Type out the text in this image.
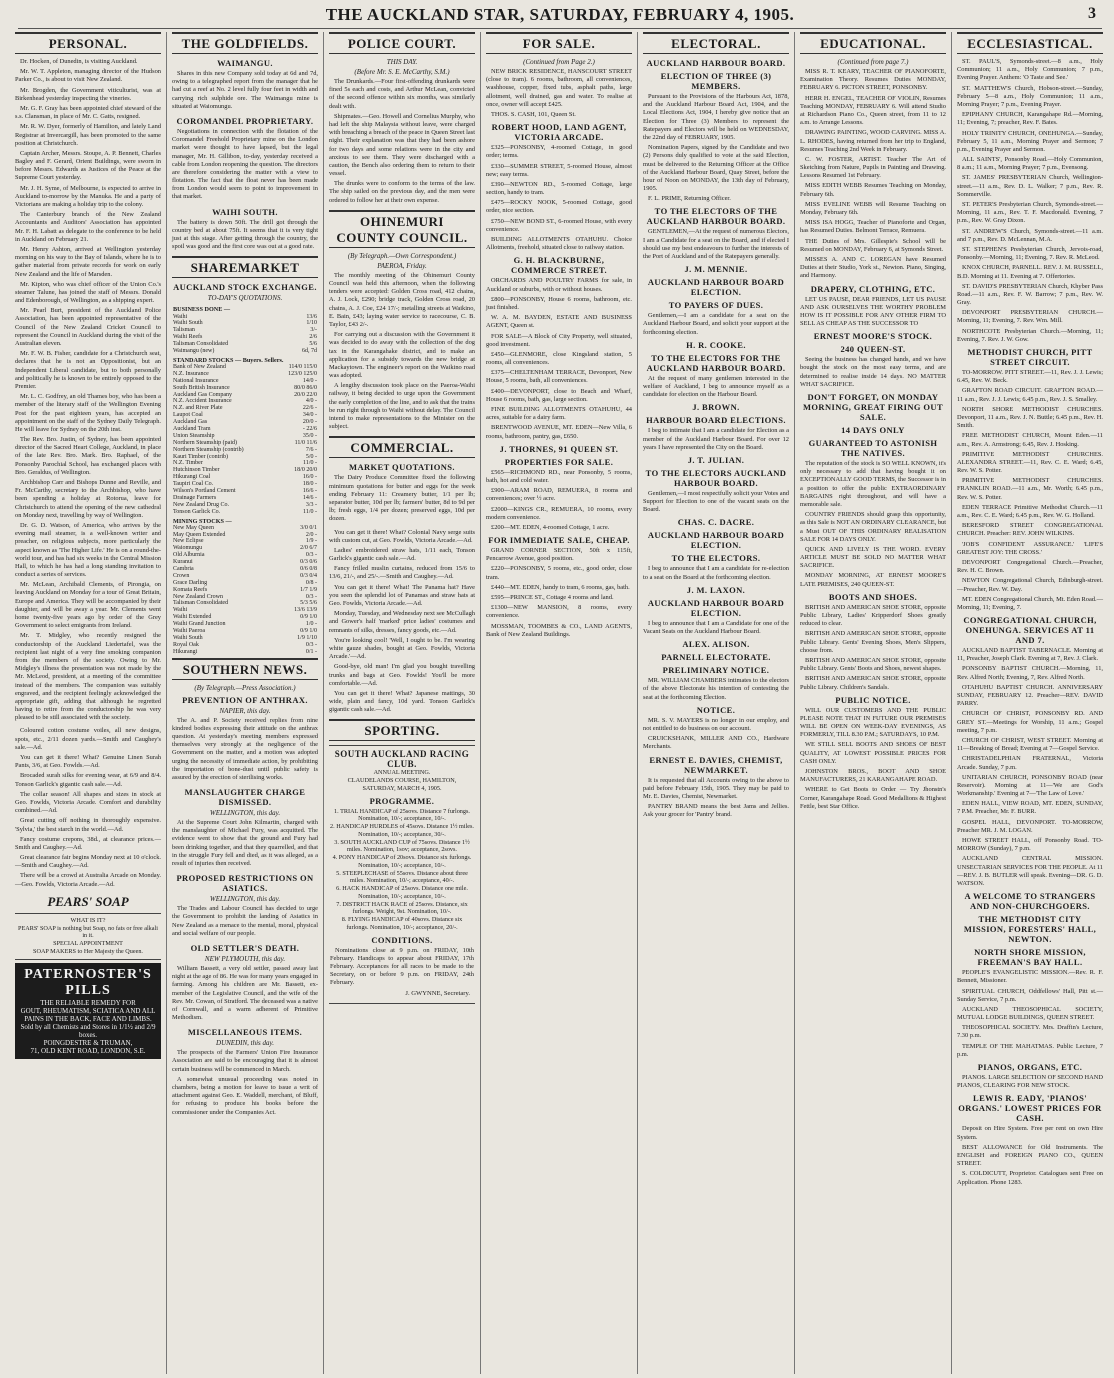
THE AUCKLAND STAR, SATURDAY, FEBRUARY 4, 1905.	3
PERSONAL.
Dr. Hocken, of Dunedin, is visiting Auckland.
Mr. W. T. Appleton, managing director of the Hudson Parker Co., is about to visit New Zealand.
Mr. Brogden, the Government viticulturist, was at Birkenhead yesterday inspecting the vineries.
Mr. G. F. Gray has been appointed chief steward of the s.s. Clansman, in place of Mr. C. Gatts, resigned.
Mr. R. W. Dyer, formerly of Hamilton, and lately Land Registrar at Invercargill, has been promoted to the same position at Christchurch.
Captain Archer, Messrs. Stoupe, A. P. Bennett, Charles Bagley and F. Gerard, Orient Buildings, were sworn in before Messrs. Edwards as Justices of the Peace at the Supreme Court yesterday.
Mr. J. H. Syme, of Melbourne, is expected to arrive in Auckland to-morrow by the Manuka. He and a party of Victorians are making a holiday trip to the colony.
The Canterbury branch of the New Zealand Accountants and Auditors' Association has appointed Mr. F. H. Labatt as delegate to the conference to be held in Auckland on February 21.
Mr. Henry Ashton, arrived at Wellington yesterday morning on his way to the Bay of Islands, where he is to gather material from private records for work on early New Zealand and the life of Marsden.
Mr. Kipton, who was chief officer of the Union Co.'s steamer Talune, has joined the staff of Messrs. Donald and Edenborough, of Wellington, as a shipping expert.
Mr. Pearl Burt, president of the Auckland Police Association, has been appointed representative of the Council of the New Zealand Cricket Council to represent the Council in Auckland during the visit of the Australian eleven.
Mr. F. W. B. Fisher, candidate for a Christchurch seat, declares that he is not an Oppositionist, but an Independent Liberal candidate, but to both personally and politically he is known to be entirely opposed to the Premier.
Mr. L. C. Godfrey, an old Thames boy, who has been a member of the literary staff of the Wellington Evening Post for the past eighteen years, has accepted an appointment on the staff of the Sydney Daily Telegraph. He will leave for Sydney on the 20th inst.
The Rev. Bro. Justin, of Sydney, has been appointed director of the Sacred Heart College, Auckland, in place of the late Rev. Bro. Mark. Bro. Raphael, of the Ponsonby Parochial School, has exchanged places with Bro. Geraldus, of Wellington.
Archbishop Carr and Bishops Dunne and Reville, and Fr. McCarthy, secretary to the Archbishop, who have been spending a holiday at Rotorua, leave for Christchurch to attend the opening of the new cathedral on Monday next, travelling by way of Wellington.
Dr. G. D. Watson, of America, who arrives by the evening mail steamer, is a well-known writer and preacher, on religious subjects, more particularly the aspect known as 'The Higher Life.' He is on a round-the-world tour, and has had six weeks in the Central Mission Hall, to which he has had a long standing invitation to conduct a series of services.
Mr. McLean, Archibald Clements, of Pirongia, on leaving Auckland on Monday for a tour of Great Britain, Europe and America. They will be accompanied by their daughter, and will be away a year. Mr. Clements went home twenty-five years ago by order of the Grey Government to select emigrants from Ireland.
Mr. T. Midgley, who recently resigned the conductorship of the Auckland Liedertafel, was the recipient last night of a very fine smoking companion from the members of the society. Owing to Mr. Midgley's illness the presentation was not made by the Mr. McLeod, president, at a meeting of the committee instead of the members. The companion was suitably engraved, and the recipient feelingly acknowledged the appropriate gift, adding that although he regretted having to retire from the conductorship he was very pleased to be still associated with the society.
Coloured cotton costume voiles, all new designs, spots, etc., 2/11 dozen yards.—Smith and Caughey's sale.—Ad.
You can get it there! What? Genuine Linen Surah Pants, 3/6, at Geo. Fowlds.—Ad.
Brocaded surah silks for evening wear, at 6/9 and 8/4. Tonson Garlick's gigantic cash sale.—Ad.
The collar season! All shapes and sizes in stock at Geo. Fowlds, Victoria Arcade. Comfort and durability combined.—Ad.
Great cutting off nothing in thoroughly expensive. 'Sylvia,' the best starch in the world.—Ad.
Fancy costume crepons, 38d., at clearance prices.—Smith and Caughey.—Ad.
Great clearance fair begins Monday next at 10 o'clock.—Smith and Caughey.—Ad.
There will be a crowd at Australia Arcade on Monday.—Geo. Fowlds, Victoria Arcade.—Ad.
PEARS' SOAP
WHAT IS IT?
PEARS' SOAP is nothing but Soap, no fats or free alkali in it.
SPECIAL APPOINTMENT
SOAP MAKERS to Her Majesty the Queen.
PATERNOSTER'S PILLS
THE RELIABLE REMEDY FOR
GOUT, RHEUMATISM, SCIATICA AND ALL PAINS IN THE BACK, FACE AND LIMBS. Sold by all Chemists and Stores in 1/1½ and 2/9 boxes.
POINGDESTRE & TRUMAN,
71, OLD KENT ROAD, LONDON, S.E.
THE GOLDFIELDS.
WAIMANGU.
Shares in this new Company sold today at 6d and 7d, owing to a telegraphed report from the manager that he had cut a reef at No. 2 level fully four feet in width and carrying rich sulphide ore. The Waimangu mine is situated at Waiomungu.
COROMANDEL PROPRIETARY.
Negotiations in connection with the flotation of the Coromandel Freehold Proprietary mine on the London market were thought to have lapsed, but the legal manager, Mr. H. Gillibon, to-day, yesterday received a cable from London reopening the question. The directors are therefore considering the matter with a view to flotation. The fact that the float never has been made from London would seem to point to improvement in that market.
WAIHI SOUTH.
The battery is down 50ft. The drill got through the country bed at about 75ft. It seems that it is very tight just at this stage. After getting through the country, the spoil was good and the first core was out at a good rate.
SHAREMARKET
AUCKLAND STOCK EXCHANGE.
TO-DAY'S QUOTATIONS.
BUSINESS DONE —	
Waihi	13/6
Waihi South	1/10
Talisman	3/-
Waihi Reefs	2/6
Talisman Consolidated	5/6
Waimangu (new)	6d, 7d
STANDARD STOCKS — Buyers. Sellers.	
Bank of New Zealand	114/0 115/0
N.Z. Insurance	123/0 125/0
National Insurance	14/0 -
South British Insurance	80/0 86/0
Auckland Gas Company	20/0 22/0
N.Z. Accident Insurance	4/0 -
N.Z. and River Plate	22/6 -
Laupot Coal	34/0 -
Auckland Gas	20/0 -
Auckland Tram	- 22/6
Union Steamship	35/0 -
Northern Steamship (paid)	11/0 11/6
Northern Steamship (contrib)	7/6 -
Kauri Timber (contrib)	5/0 -
N.Z. Timber	11/0 -
Hutchinson Timber	18/0 20/0
Hikurangi Coal	16/0 -
Taupiri Coal Co.	18/0 -
Wilson's Portland Cement	16/6 -
Drainage Farmers	14/6 -
New Zealand Drug Co.	3/3 -
Tonson Garlick Co.	11/0 -
MINING STOCKS —	
New May Queen	3/0 0/1
May Queen Extended	2/0 -
New Eclipse	1/9 -
Waiomungu	2/0 6/7
Old Alburnia	0/3 -
Kuranui	0/3 0/6
Cambria	0/6 0/8
Crown	0/3 0/4
Grace Darling	0/8 -
Komata Reefs	1/7 1/9
New Zealand Crown	0/3 -
Talisman Consolidated	5/3 5/6
Waihi	13/6 13/9
Waihi Extended	0/9 1/0
Waihi Grand Junction	1/0 -
Waihi Paeroa	0/9 1/0
Waihi South	1/9 1/10
Royal Oak	0/3 -
Hikurangi	0/1 -
SOUTHERN NEWS.
(By Telegraph.—Press Association.)
PREVENTION OF ANTHRAX.
NAPIER, this day.
The A. and P. Society received replies from nine kindred bodies expressing their attitude on the anthrax question. At yesterday's meeting members expressed themselves very strongly at the negligence of the Government on the matter, and a motion was adopted urging the necessity of immediate action, by prohibiting the importation of bone-dust until public safety is assured by the erection of sterilising works.
MANSLAUGHTER CHARGE DISMISSED.
WELLINGTON, this day.
At the Supreme Court John Kilmartin, charged with the manslaughter of Michael Fury, was acquitted. The evidence went to show that the ground and Fury had been drinking together, and that they quarrelled, and that in the struggle Fury fell and died, as it was alleged, as a result of injuries then received.
PROPOSED RESTRICTIONS ON ASIATICS.
WELLINGTON, this day.
The Trades and Labour Council has decided to urge the Government to prohibit the landing of Asiatics in New Zealand as a menace to the mental, moral, physical and social welfare of our people.
OLD SETTLER'S DEATH.
NEW PLYMOUTH, this day.
William Bassett, a very old settler, passed away last night at the age of 86. He was for many years engaged in farming. Among his children are Mr. Bassett, ex-member of the Legislative Council, and the wife of the Rev. Mr. Cowan, of Stratford. The deceased was a native of Cornwall, and a warm adherent of Primitive Methodism.
MISCELLANEOUS ITEMS.
DUNEDIN, this day.
The prospects of the Farmers' Union Fire Insurance Association are said to be encouraging that it is almost certain business will be commenced in March.
A somewhat unusual proceeding was noted in chambers, being a motion for leave to issue a writ of attachment against Geo. E. Waddell, merchant, of Bluff, for refusing to produce his books before the commissioner under the Companies Act.
POLICE COURT.
THIS DAY.
(Before Mr. S. E. McCarthy, S.M.)
The Drunkards.—Four first-offending drunkards were fined 5s each and costs, and Arthur McLean, convicted of the second offence within six months, was similarly dealt with.
Shipmates.—Geo. Howell and Cornelius Murphy, who had left the ship Malaysia without leave, were charged with breaching a breach of the peace in Queen Street last night. Their explanation was that they had been ashore for two days and some relations were in the city and anxious to see them. They were discharged with a caution, the Bench also ordering them to return to their vessel.
The drunks were to conform to the terms of the law. The ship sailed on the previous day, and the men were ordered to follow her at their own expense.
OHINEMURI COUNTY COUNCIL.
(By Telegraph.—Own Correspondent.)
PAEROA, Friday.
The monthly meeting of the Ohinemuri County Council was held this afternoon, when the following tenders were accepted: Golden Cross road, 412 chains, A. J. Lock, £290; bridge track, Golden Cross road, 20 chains, A. J. Coe, £24 17/-; metalling streets at Waikino, E. Bain, £43; laying water service to racecourse, C. B. Taylor, £43 2/-.
For carrying out a discussion with the Government it was decided to do away with the collection of the dog tax in the Karangahake district, and to make an application for a subsidy towards the new bridge at Mackaytown. The engineer's report on the Waikino road was adopted.
A lengthy discussion took place on the Paeroa-Waihi railway, it being decided to urge upon the Government the early completion of the line, and to ask that the trains be run right through to Waihi without delay. The Council intend to make representations to the Minister on the subject.
COMMERCIAL.
MARKET QUOTATIONS.
The Dairy Produce Committee fixed the following minimum quotations for butter and eggs for the week ending February 11: Creamery butter, 1/1 per lb; separator butter, 10d per lb; farmers' butter, 8d to 9d per lb; fresh eggs, 1/4 per dozen; preserved eggs, 10d per dozen.
You can get it there! What? Colonial Navy serge suits with custom cut, at Geo. Fowlds, Victoria Arcade.—Ad.
Ladies' embroidered straw hats, 1/11 each, Tonson Garlick's gigantic cash sale.—Ad.
Fancy frilled muslin curtains, reduced from 15/6 to 13/6, 21/-, and 25/-.—Smith and Caughey.—Ad.
You can get it there! What! The Panama hat? Have you seen the splendid lot of Panamas and straw hats at Geo. Fowlds, Victoria Arcade.—Ad.
Monday, Tuesday, and Wednesday next see McCullagh and Gower's half 'marked' price ladies' costumes and remnants of silks, dresses, fancy goods, etc.—Ad.
You're looking cool! 'Well, I ought to be. I'm wearing white gauze shades, bought at Geo. Fowlds, Victoria Arcade.'—Ad.
Good-bye, old man! I'm glad you bought travelling trunks and bags at Geo. Fowlds! You'll be more comfortable.—Ad.
You can get it there! What? Japanese mattings, 30 wide, plain and fancy, 10d yard. Tonson Garlick's gigantic cash sale.—Ad.
SPORTING.
SOUTH AUCKLAND RACING CLUB.
ANNUAL MEETING.
CLAUDELANDS COURSE, HAMILTON,
SATURDAY, MARCH 4, 1905.
PROGRAMME.
1. TRIAL HANDICAP of 25sovs. Distance 7 furlongs. Nomination, 10/-; acceptance, 10/-.
2. HANDICAP HURDLES of 45sovs. Distance 1½ miles. Nomination, 10/-; acceptance, 30/-.
3. SOUTH AUCKLAND CUP of 75sovs. Distance 1½ miles. Nomination, 1sov; acceptance, 2sovs.
4. PONY HANDICAP of 20sovs. Distance six furlongs. Nomination, 10/-; acceptance, 10/-.
5. STEEPLECHASE of 55sovs. Distance about three miles. Nomination, 10/-; acceptance, 40/-.
6. HACK HANDICAP of 25sovs. Distance one mile. Nomination, 10/-; acceptance, 10/-.
7. DISTRICT HACK RACE of 25sovs. Distance, six furlongs. Weight, 9st. Nomination, 10/-.
8. FLYING HANDICAP of 40sovs. Distance six furlongs. Nomination, 10/-; acceptance, 20/-.
CONDITIONS.
Nominations close at 9 p.m. on FRIDAY, 10th February. Handicaps to appear about FRIDAY, 17th February. Acceptances for all races to be made to the Secretary, on or before 9 p.m. on FRIDAY, 24th February.
J. GWYNNE, Secretary.
FOR SALE.
(Continued from Page 2.)
NEW BRICK RESIDENCE, HANSCOURT STREET (close to tram). 6 rooms, bathroom, all conveniences, washhouse, copper, fixed tubs, asphalt paths, large allotment, well drained, gas and water. To realise at once, owner will accept £425.
THOS. S. CASH, 101, Queen St.
ROBERT HOOD, LAND AGENT, VICTORIA ARCADE.
£325—PONSONBY, 4-roomed Cottage, in good order; terms.
£330—SUMMER STREET, 5-roomed House, almost new; easy terms.
£390—NEWTON RD., 5-roomed Cottage, large section, handy to tram.
£475—ROCKY NOOK, 5-roomed Cottage, good order, nice section.
£750—NEW BOND ST., 6-roomed House, with every convenience.
BUILDING ALLOTMENTS OTAHUHU. Choice Allotments, freehold, situated close to railway station.
G. H. BLACKBURNE, COMMERCE STREET.
ORCHARDS AND POULTRY FARMS for sale, in Auckland or suburbs, with or without houses.
£800—PONSONBY, House 6 rooms, bathroom, etc. just finished.
W. A. M. BAYDEN, ESTATE AND BUSINESS AGENT, Queen st.
FOR SALE—A Block of City Property, well situated, good investment.
£450—GLENMORE, close Kingsland station, 5 rooms, all conveniences.
£375—CHELTENHAM TERRACE, Devonport, New House, 5 rooms, bath, all conveniences.
£400—DEVONPORT, close to Beach and Wharf, House 6 rooms, bath, gas, large section.
FINE BUILDING ALLOTMENTS OTAHUHU, 44 acres, suitable for a dairy farm.
BRENTWOOD AVENUE, MT. EDEN—New Villa, 6 rooms, bathroom, pantry, gas, £650.
J. THORNES, 91 QUEEN ST.
PROPERTIES FOR SALE.
£565—RICHMOND RD., near Ponsonby, 5 rooms, bath, hot and cold water.
£900—ARAM ROAD, REMUERA, 8 rooms and conveniences; over ½ acre.
£2000—KINGS CR., REMUERA, 10 rooms, every modern convenience.
£200—MT. EDEN, 4-roomed Cottage, 1 acre.
FOR IMMEDIATE SALE, CHEAP.
GRAND CORNER SECTION, 50ft x 115ft, Pencarrow Avenue, good position.
£220—PONSONBY, 5 rooms, etc., good order, close tram.
£440—MT. EDEN, handy to tram, 6 rooms, gas, bath.
£595—PRINCE ST., Cottage 4 rooms and land.
£1300—NEW MANSION, 8 rooms, every convenience.
MOSSMAN, TOOMBES & CO., LAND AGENTS, Bank of New Zealand Buildings.
ELECTORAL.
AUCKLAND HARBOUR BOARD.
ELECTION OF THREE (3) MEMBERS.
Pursuant to the Provisions of the Harbours Act, 1878, and the Auckland Harbour Board Act, 1904, and the Local Elections Act, 1904, I hereby give notice that an Election for Three (3) Members to represent the Ratepayers and Electors will be held on WEDNESDAY, the 22nd day of FEBRUARY, 1905.
Nomination Papers, signed by the Candidate and two (2) Persons duly qualified to vote at the said Election, must be delivered to the Returning Officer at the Office of the Auckland Harbour Board, Quay Street, before the hour of Noon on MONDAY, the 13th day of February, 1905.
F. L. PRIME, Returning Officer.
TO THE ELECTORS OF THE AUCKLAND HARBOUR BOARD.
GENTLEMEN,—At the request of numerous Electors, I am a Candidate for a seat on the Board, and if elected I should use my best endeavours to further the interests of the Port of Auckland and of the Ratepayers generally.
J. M. MENNIE.
AUCKLAND HARBOUR BOARD ELECTION.
TO PAYERS OF DUES.
Gentlemen,—I am a candidate for a seat on the Auckland Harbour Board, and solicit your support at the forthcoming election.
H. R. COOKE.
TO THE ELECTORS FOR THE AUCKLAND HARBOUR BOARD.
At the request of many gentlemen interested in the welfare of Auckland, I beg to announce myself as a candidate for election on the Harbour Board.
J. BROWN.
HARBOUR BOARD ELECTIONS.
I beg to intimate that I am a candidate for Election as a member of the Auckland Harbour Board. For over 12 years I have represented the City on the Board.
J. T. JULIAN.
TO THE ELECTORS AUCKLAND HARBOUR BOARD.
Gentlemen,—I most respectfully solicit your Votes and Support for Election to one of the vacant seats on the Board.
CHAS. C. DACRE.
AUCKLAND HARBOUR BOARD ELECTION.
TO THE ELECTORS.
I beg to announce that I am a candidate for re-election to a seat on the Board at the forthcoming election.
J. M. LAXON.
AUCKLAND HARBOUR BOARD ELECTION.
I beg to announce that I am a Candidate for one of the Vacant Seats on the Auckland Harbour Board.
ALEX. ALISON.
PARNELL ELECTORATE.
PRELIMINARY NOTICE.
MR. WILLIAM CHAMBERS intimates to the electors of the above Electorate his intention of contesting the seat at the forthcoming Election.
NOTICE.
MR. S. V. MAYERS is no longer in our employ, and not entitled to do business on our account.
CRUICKSHANK, MILLER AND CO., Hardware Merchants.
ERNEST E. DAVIES, CHEMIST, NEWMARKET.
It is requested that all Accounts owing to the above to paid before February 15th, 1905. They may be paid to Mr. E. Davies, Chemist, Newmarket.
PANTRY BRAND means the best Jams and Jellies. Ask your grocer for 'Pantry' brand.
EDUCATIONAL.
(Continued from page 7.)
MISS R. T. KEARY, TEACHER OF PIANOFORTE, Examination Theory. Resumes Duties MONDAY, FEBRUARY 6. PICTON STREET, PONSONBY.
HERR H. ENGEL, TEACHER OF VIOLIN, Resumes Teaching MONDAY, FEBRUARY 6. Will attend Studio at Richardson Piano Co., Queen street, from 11 to 12 a.m. to Arrange Lessons.
DRAWING PAINTING, WOOD CARVING. MISS A. L. RHODES, having returned from her trip to England, Resumes Teaching 2nd Week in February.
C. W. FOSTER, ARTIST. Teacher The Art of Sketching from Nature, Pupils in Painting and Drawing. Lessons Resumed 1st February.
MISS EDITH WEBB Resumes Teaching on Monday, February 6th.
MISS EVELINE WEBB will Resume Teaching on Monday, February 6th.
MISS ISA HOGG, Teacher of Pianoforte and Organ, has Resumed Duties. Belmont Terrace, Remuera.
THE Duties of Mrs. Gillespie's School will be Resumed on MONDAY, February 6, at Symonds Street.
MISSES A. AND C. LOREGAN have Resumed Duties at their Studio, York st., Newton. Piano, Singing, and Harmony.
DRAPERY, CLOTHING, ETC.
LET US PAUSE, DEAR FRIENDS, LET US PAUSE AND ASK OURSELVES THE WORTHY PROBLEM HOW IS IT POSSIBLE FOR ANY OTHER FIRM TO SELL AS CHEAP AS THE SUCCESSOR TO
ERNEST MOORE'S STOCK.
240 QUEEN-ST.
Seeing the business has changed hands, and we have bought the stock on the most easy terms, and are determined to realise inside 14 days. NO MATTER WHAT SACRIFICE.
DON'T FORGET, ON MONDAY MORNING, GREAT FIRING OUT SALE.
14 DAYS ONLY
GUARANTEED TO ASTONISH THE NATIVES.
The reputation of the stock is SO WELL KNOWN, it's only necessary to add that having bought it on EXCEPTIONALLY GOOD TERMS, the Successor is in a position to offer the public EXTRAORDINARY BARGAINS right throughout, and will have a memorable sale.
COUNTRY FRIENDS should grasp this opportunity, as this Sale is NOT AN ORDINARY CLEARANCE, but a Must OUT OF THIS ORDINARY REALISATION SALE FOR 14 DAYS ONLY.
QUICK AND LIVELY IS THE WORD. EVERY ARTICLE MUST BE SOLD NO MATTER WHAT SACRIFICE.
MONDAY MORNING, AT ERNEST MOORE'S LATE PREMISES, 240 QUEEN-ST.
BOOTS AND SHOES.
BRITISH AND AMERICAN SHOE STORE, opposite Public Library, Ladies' Kripperdorf Shoes greatly reduced to clear.
BRITISH AND AMERICAN SHOE STORE, opposite Public Library. Gents' Evening Shoes, Men's Slippers, choose from.
BRITISH AND AMERICAN SHOE STORE, opposite Public Library. Gents' Boots and Shoes, newest shapes.
BRITISH AND AMERICAN SHOE STORE, opposite Public Library. Children's Sandals.
PUBLIC NOTICE.
WILL OUR CUSTOMERS AND THE PUBLIC PLEASE NOTE THAT IN FUTURE OUR PREMISES WILL BE OPEN ON WEEK-DAY EVENINGS, AS FORMERLY, TILL 8.30 P.M.; SATURDAYS, 10 P.M.
WE STILL SELL BOOTS AND SHOES OF BEST QUALITY, AT LOWEST POSSIBLE PRICES FOR CASH ONLY.
JOHNSTON BROS., BOOT AND SHOE MANUFACTURERS, 21 KARANGAHAPE ROAD.
WHERE to Get Boots to Order — Try Jhonstn's Corner, Karangahape Road. Good Medallions & Highest Fettle, best Star Office.
ECCLESIASTICAL.
ST. PAUL'S, Symonds-street.—8 a.m., Holy Communion; 11 a.m., Holy Communion; 7 p.m., Evening Prayer. Anthem: 'O Taste and See.'
ST. MATTHEW'S Church, Hobson-street.—Sunday, February 5—8 a.m., Holy Communion; 11 a.m., Morning Prayer; 7 p.m., Evening Prayer.
EPIPHANY CHURCH, Karangahape Rd.—Morning, 11; Evening, 7; preacher, Rev. F. Bates.
HOLY TRINITY CHURCH, ONEHUNGA.—Sunday, February 5, 11 a.m., Morning Prayer and Sermon; 7 p.m., Evening Prayer and Sermon.
ALL SAINTS', Ponsonby Road.—Holy Communion, 8 a.m.; 11 a.m., Morning Prayer; 7 p.m., Evensong.
ST. JAMES' PRESBYTERIAN Church, Wellington-street.—11 a.m., Rev. D. L. Walker; 7 p.m., Rev. R. Sommerville.
ST. PETER'S Presbyterian Church, Symonds-street.—Morning, 11 a.m., Rev. T. F. Macdonald. Evening, 7 p.m., Rev. W. Gray Dixon.
ST. ANDREW'S Church, Symonds-street.—11 a.m. and 7 p.m., Rev. D. McLennan, M.A.
ST. STEPHEN'S Presbyterian Church, Jervois-road, Ponsonby.—Morning, 11; Evening, 7. Rev. R. McLeod.
KNOX CHURCH, PARNELL. REV. J. M. RUSSELL, B.D. Morning at 11. Evening at 7. Offertories.
ST. DAVID'S PRESBYTERIAN Church, Khyber Pass Road.—11 a.m., Rev. F. W. Barrow; 7 p.m., Rev. W. Gray.
DEVONPORT PRESBYTERIAN CHURCH.—Morning, 11; Evening, 7. Rev. Wm. Mill.
NORTHCOTE Presbyterian Church.—Morning, 11; Evening, 7. Rev. J. W. Gow.
METHODIST CHURCH, PITT STREET CIRCUIT.
TO-MORROW. PITT STREET.—11, Rev. J. J. Lewis; 6.45, Rev. W. Beck.
GRAFTON ROAD CIRCUIT. GRAFTON ROAD.—11 a.m., Rev. J. J. Lewis; 6.45 p.m., Rev. J. S. Smalley.
NORTH SHORE METHODIST CHURCHES. Devonport, 11 a.m., Rev. J. N. Buttle; 6.45 p.m., Rev. H. Smith.
FREE METHODIST CHURCH, Mount Eden.—11 a.m., Rev. A. Armstrong; 6.45, Rev. J. Hosking.
PRIMITIVE METHODIST CHURCHES. ALEXANDRA STREET.—11, Rev. C. E. Ward; 6.45, Rev. W. S. Potter.
PRIMITIVE METHODIST CHURCHES. FRANKLIN ROAD.—11 a.m., Mr. Worth; 6.45 p.m., Rev. W. S. Potter.
EDEN TERRACE Primitive Methodist Church.—11 a.m., Rev. C. E. Ward; 6.45 p.m., Rev. W. G. Holland.
BERESFORD STREET CONGREGATIONAL CHURCH. Preacher: REV. JOHN WILKINS.
'JOB'S CONFIDENT ASSURANCE.' 'LIFE'S GREATEST JOY: THE CROSS.'
DEVONPORT Congregational Church.—Preacher, Rev. H. C. Brown.
NEWTON Congregational Church, Edinburgh-street.—Preacher, Rev. W. Day.
MT. EDEN Congregational Church, Mt. Eden Road.—Morning, 11; Evening, 7.
CONGREGATIONAL CHURCH, ONEHUNGA. SERVICES AT 11 AND 7.
AUCKLAND BAPTIST TABERNACLE. Morning at 11, Preacher, Joseph Clark. Evening at 7, Rev. J. Clark.
PONSONBY BAPTIST CHURCH.—Morning, 11, Rev. Alfred North; Evening, 7, Rev. Alfred North.
OTAHUHU BAPTIST CHURCH. ANNIVERSARY SUNDAY, FEBRUARY 12. Preacher—REV. DAVID PARRY.
CHURCH OF CHRIST, PONSONBY RD. AND GREY ST.—Meetings for Worship, 11 a.m.; Gospel meeting, 7 p.m.
CHURCH OF CHRIST, WEST STREET. Morning at 11—Breaking of Bread; Evening at 7—Gospel Service.
CHRISTADELPHIAN FRATERNAL, Victoria Arcade. Sunday, 7 p.m.
UNITARIAN CHURCH, PONSONBY ROAD (near Reservoir). Morning at 11—'We are God's Workmanship.' Evening at 7—'The Law of Love.'
EDEN HALL, VIEW ROAD, MT. EDEN, SUNDAY, 7 P.M. Preacher, Mr. F. BURR.
GOSPEL HALL, DEVONPORT. TO-MORROW, Preacher MR. J. M. LOGAN.
HOWE STREET HALL, off Ponsonby Road. TO-MORROW (Sunday), 7 p.m.
AUCKLAND CENTRAL MISSION. UNSECTARIAN SERVICES FOR THE PEOPLE. At 11—REV. J. B. BUTLER will speak. Evening—DR. G. D. WATSON.
A WELCOME TO STRANGERS AND NON-CHURCHGOERS.
THE METHODIST CITY MISSION, FORESTERS' HALL, NEWTON.
NORTH SHORE MISSION, FREEMAN'S BAY HALL.
PEOPLE'S EVANGELISTIC MISSION.—Rev. R. F. Bennett, Missioner.
SPIRITUAL CHURCH, Oddfellows' Hall, Pitt st.—Sunday Service, 7 p.m.
AUCKLAND THEOSOPHICAL SOCIETY, MUTUAL LODGE BUILDINGS, QUEEN STREET.
THEOSOPHICAL SOCIETY. Mrs. Draffin's Lecture, 7.30 p.m.
TEMPLE OF THE MAHATMAS. Public Lecture, 7 p.m.
PIANOS, ORGANS, ETC.
PIANOS. LARGE SELECTION OF SECOND HAND PIANOS, CLEARING FOR NEW STOCK.
LEWIS R. EADY, 'PIANOS' ORGANS.' LOWEST PRICES FOR CASH.
Deposit on Hire System. Free per rent on own Hire System.
BEST ALLOWANCE for Old Instruments. The ENGLISH and FOREIGN PIANO CO., QUEEN STREET.
S. COLDICUTT, Proprietor. Catalogues sent Free on Application. Phone 1283.
